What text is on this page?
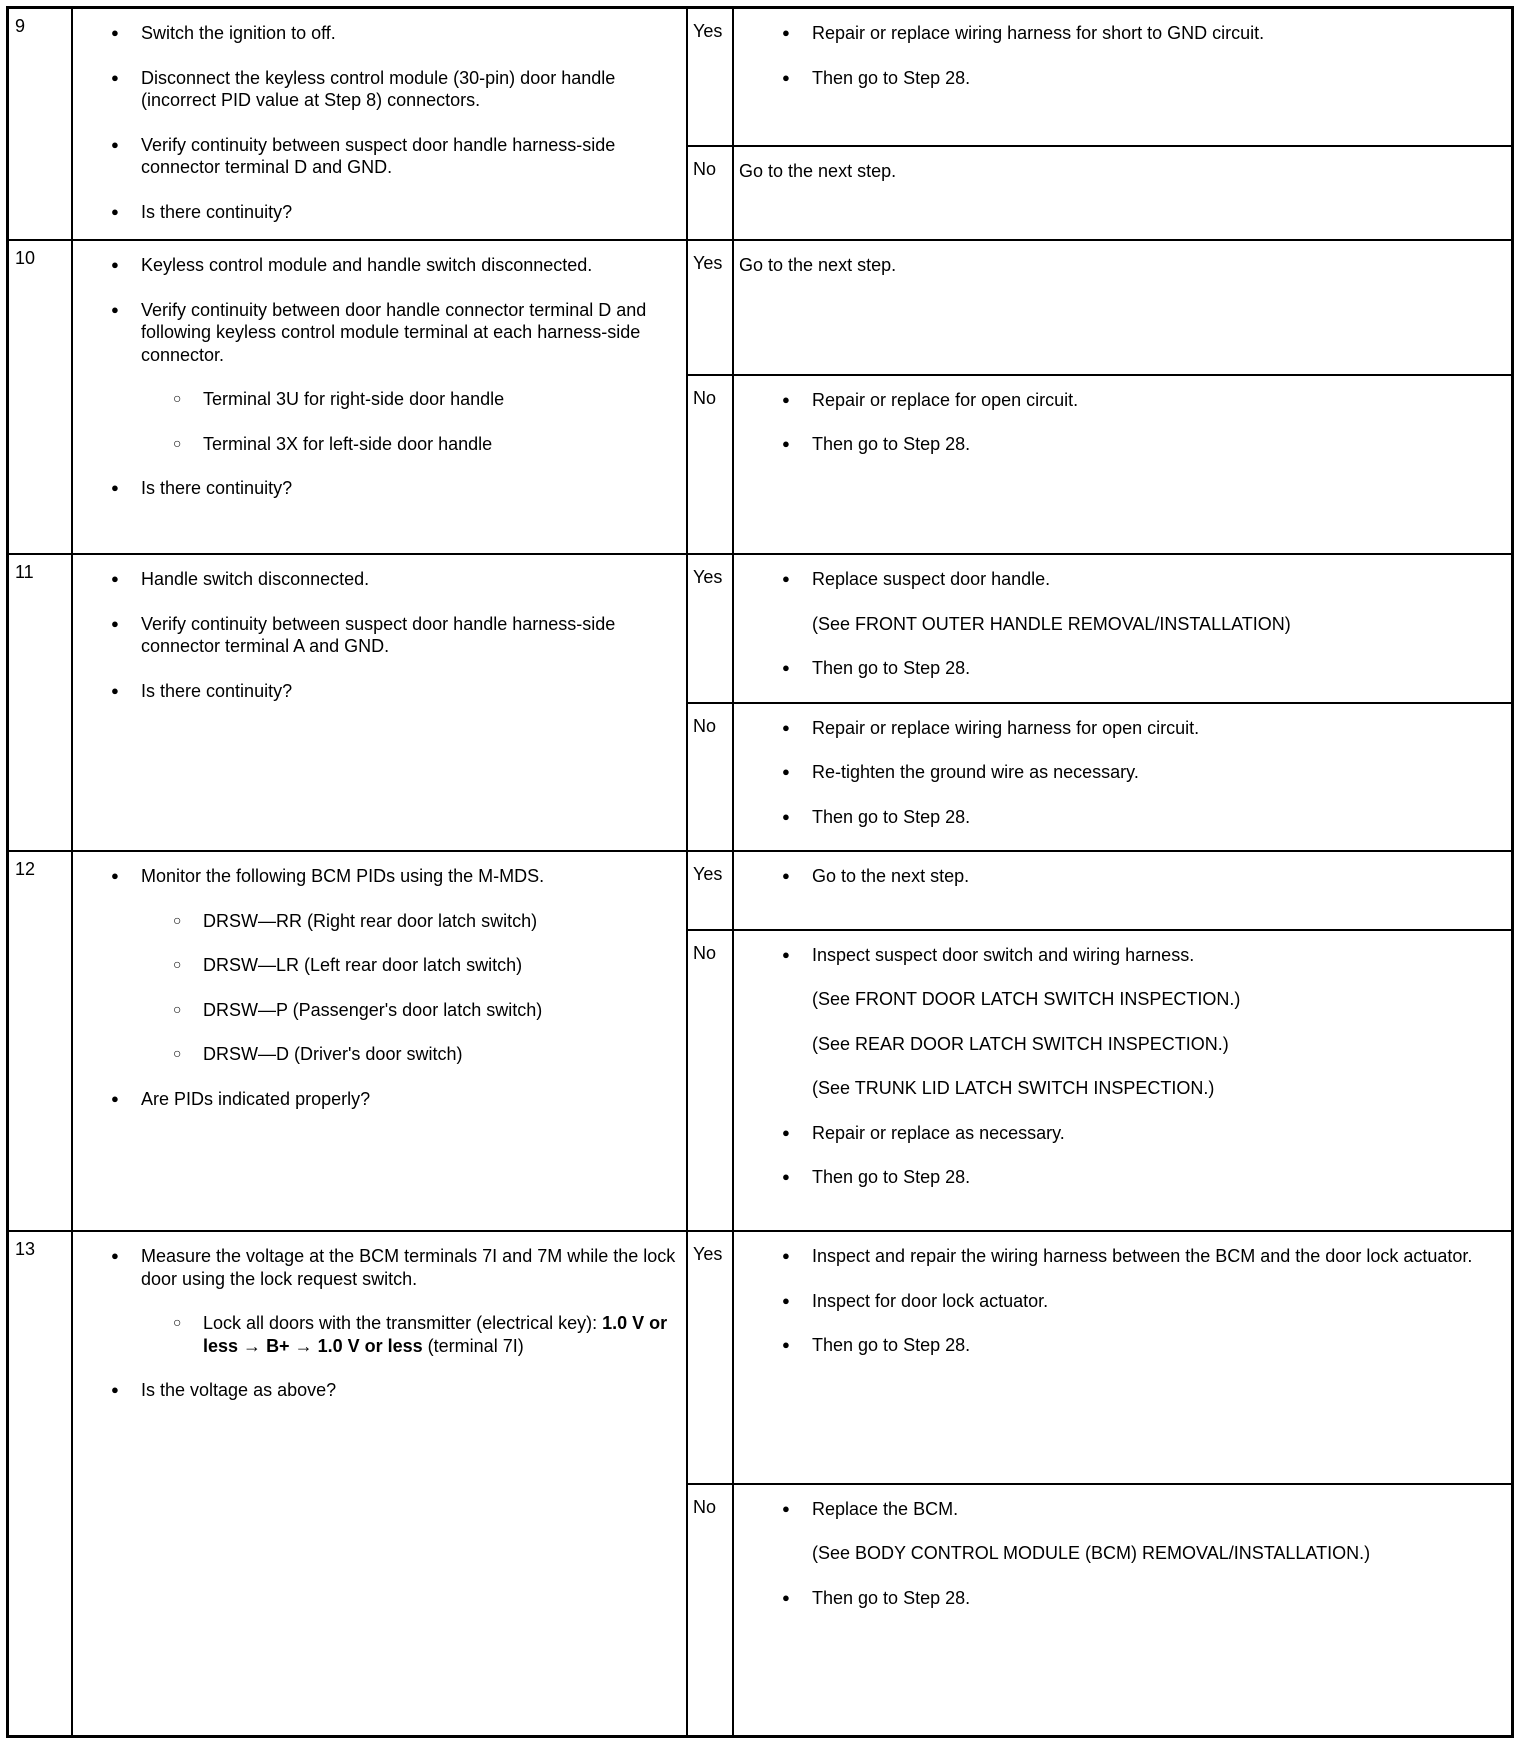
9	●	Switch the ignition to off.
●	Disconnect the keyless control module (30-pin) door handle (incorrect PID value at Step 8) connectors.
●	Verify continuity between suspect door handle harness-side connector terminal D and GND.
●	Is there continuity?
Yes	●	Repair or replace wiring harness for short to GND circuit.
●	Then go to Step 28.
No	Go to the next step.
10	●	Keyless control module and handle switch disconnected.
●	Verify continuity between door handle connector terminal D and following keyless control module terminal at each harness-side connector.
○	Terminal 3U for right-side door handle
○	Terminal 3X for left-side door handle
●	Is there continuity?
Yes Go to the next step.
No	●	Repair or replace for open circuit.
●	Then go to Step 28.
11	●	Handle switch disconnected.
●	Verify continuity between suspect door handle harness-side connector terminal A and GND.
●	Is there continuity?
Yes	●	Replace suspect door handle.
(See FRONT OUTER HANDLE REMOVAL/INSTALLATION)
●	Then go to Step 28.
No	●	Repair or replace wiring harness for open circuit.
●	Re-tighten the ground wire as necessary.
●	Then go to Step 28.
12	●	Monitor the following BCM PIDs using the M-MDS.
○	DRSW—RR (Right rear door latch switch)
○	DRSW—LR (Left rear door latch switch)
○	DRSW—P (Passenger's door latch switch)
○	DRSW—D (Driver's door switch)
●	Are PIDs indicated properly?
Yes	●	Go to the next step.
No	●	Inspect suspect door switch and wiring harness.
(See FRONT DOOR LATCH SWITCH INSPECTION.)
(See REAR DOOR LATCH SWITCH INSPECTION.)
(See TRUNK LID LATCH SWITCH INSPECTION.)
●	Repair or replace as necessary.
●	Then go to Step 28.
13	●	Measure the voltage at the BCM terminals 7I and 7M while the lock door using the lock request switch.
○	Lock all doors with the transmitter (electrical key): 1.0 V or less → B+ → 1.0 V or less (terminal 7I)
●	Is the voltage as above?
Yes	●	Inspect and repair the wiring harness between the BCM and the door lock actuator.
●	Inspect for door lock actuator.
●	Then go to Step 28.
No	●	Replace the BCM.
(See BODY CONTROL MODULE (BCM) REMOVAL/INSTALLATION.)
●	Then go to Step 28.
